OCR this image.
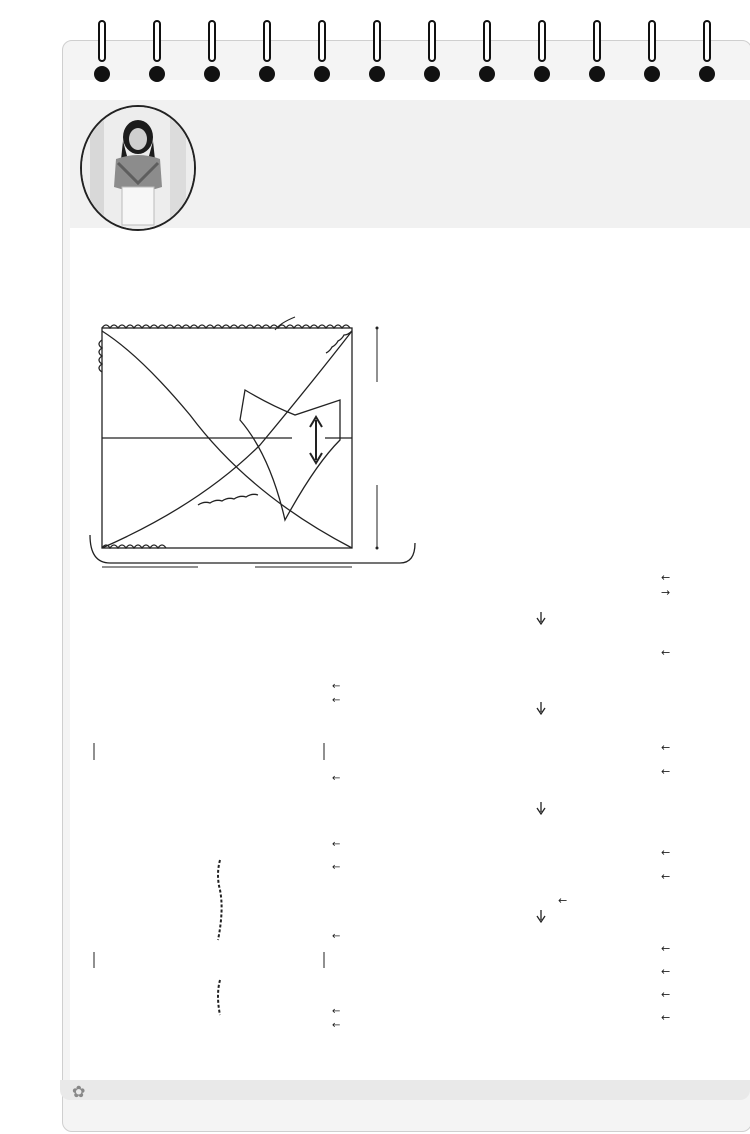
←
←
←
←
←
←
←
←
←
→
←
←
←
←
←
←
←
←
←
←
✿
